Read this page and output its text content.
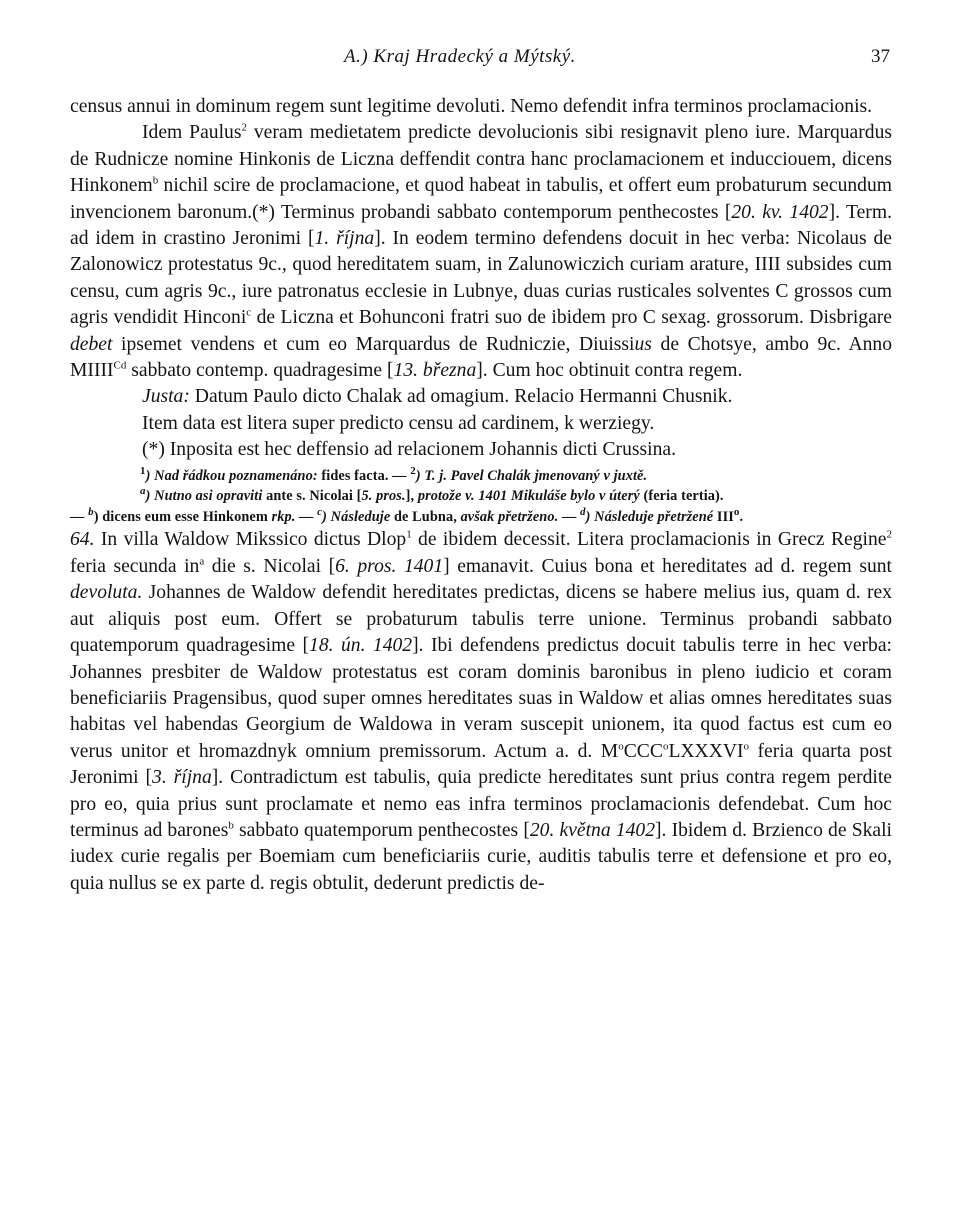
A.) Kraj Hradecký a Mýtský.	37

census annui in dominum regem sunt legitime devoluti. Nemo defendit infra terminos proclamacionis.

Idem Paulus$^2$ veram medietatem predicte devolucionis sibi resignavit pleno iure. Marquardus de Rudnicze nomine Hinkonis de Liczna deffendit contra hanc proclamacionem et inducciouem, dicens Hinkonem$^b$ nichil scire de proclamacione, et quod habeat in tabulis, et offert eum probaturum secundum invencionem baronum.(*) Terminus probandi sabbato contemporum penthecostes [20. kv. 1402]. Term. ad idem in crastino Jeronimi [1. října]. In eodem termino defendens docuit in hec verba: Nicolaus de Zalonowicz protestatus 9c., quod hereditatem suam, in Zalunowiczich curiam arature, IIII subsides cum censu, cum agris 9c., iure patronatus ecclesie in Lubnye, duas curias rusticales solventes C grossos cum agris vendidit Hinconi$^c$ de Liczna et Bohunconi fratri suo de ibidem pro C sexag. grossorum. Disbrigare debet ipsemet vendens et cum eo Marquardus de Rudniczie, Diuissius de Chotsye, ambo 9c. Anno $MIIII^{Cd}$ sabbato contemp. quadragesime [13. března]. Cum hoc obtinuit contra regem.

Justa: Datum Paulo dicto Chalak ad omagium. Relacio Hermanni Chusnik.

Item data est litera super predicto censu ad cardinem, k werziegy.

(*) Inposita est hec deffensio ad relacionem Johannis dicti Crussina.

$^1$) Nad řádkou poznamenáno: fides facta. — $^2$) T. j. Pavel Chalák jmenovaný v juxtě.

$^a$) Nutno asi opraviti ante s. Nicolai [5. pros.], protože v. 1401 Mikuláše bylo v úterý (feria tertia).

— $^b$) dicens eum esse Hinkonem rkp. — $^c$) Následuje de Lubna, avšak přetrženo. — $^d$) Následuje přetržené III$^o$.

64. In villa Waldow Mikssico dictus Dlop$^1$ de ibidem decessit. Litera proclamacionis in Grecz Regine$^2$ feria secunda $in^a$ die s. Nicolai [6. pros. 1401] emanavit. Cuius bona et hereditates ad d. regem sunt devoluta. Johannes de Waldow defendit hereditates predictas, dicens se habere melius ius, quam d. rex aut aliquis post eum. Offert se probaturum tabulis terre unione. Terminus probandi sabbato quatemporum quadragesime [18. ún. 1402]. Ibi defendens predictus docuit tabulis terre in hec verba: Johannes presbiter de Waldow protestatus est coram dominis baronibus in pleno iudicio et coram beneficiariis Pragensibus, quod super omnes hereditates suas in Waldow et alias omnes hereditates suas habitas vel habendas Georgium de Waldowa in veram suscepit unionem, ita quod factus est cum eo verus unitor et hromazdnyk omnium premissorum. Actum a. d. $M^oCCC^oLXXXVI^o$ feria quarta post Jeronimi [3. října]. Contradictum est tabulis, quia predicte hereditates sunt prius contra regem perdite pro eo, quia prius sunt proclamate et nemo eas infra terminos proclamacionis defendebat. Cum hoc terminus ad barones$^b$ sabbato quatemporum penthecostes [20. května 1402]. Ibidem d. Brzienco de Skali iudex curie regalis per Boemiam cum beneficiariis curie, auditis tabulis terre et defensione et pro eo, quia nullus se ex parte d. regis obtulit, dederunt predictis de-
